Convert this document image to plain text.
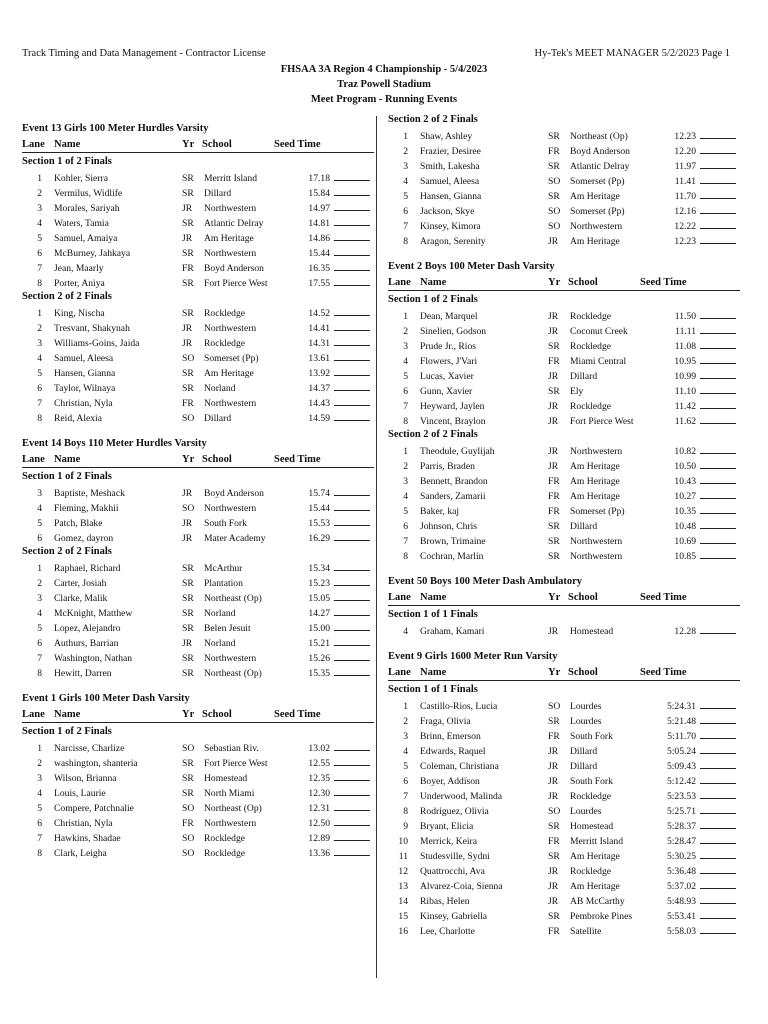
Track Timing and Data Management - Contractor License	Hy-Tek's MEET MANAGER 5/2/2023 Page 1
FHSAA 3A Region 4 Championship - 5/4/2023
Traz Powell Stadium
Meet Program - Running Events
Event 13 Girls 100 Meter Hurdles Varsity
Lane Name	Yr School	Seed Time
Section 1 of 2 Finals
1 Kohler, Sierra	SR Merritt Island	17.18
2 Vermilus, Widlife	SR Dillard	15.84
3 Morales, Sariyah	JR Northwestern	14.97
4 Waters, Tamia	SR Atlantic Delray	14.81
5 Samuel, Amaiya	JR Am Heritage	14.86
6 McBurney, Jahkaya	SR Northwestern	15.44
7 Jean, Maarly	FR Boyd Anderson	16.35
8 Porter, Aniya	SR Fort Pierce West	17.55
Section 2 of 2 Finals
1 King, Nischa	SR Rockledge	14.52
2 Tresvant, Shakynah	JR Northwestern	14.41
3 Williams-Goins, Jaida	JR Rockledge	14.31
4 Samuel, Aleesa	SO Somerset (Pp)	13.61
5 Hansen, Gianna	SR Am Heritage	13.92
6 Taylor, Wilnaya	SR Norland	14.37
7 Christian, Nyla	FR Northwestern	14.43
8 Reid, Alexia	SO Dillard	14.59
Event 14 Boys 110 Meter Hurdles Varsity
Lane Name	Yr School	Seed Time
Section 1 of 2 Finals
3 Baptiste, Meshack	JR Boyd Anderson	15.74
4 Fleming, Makhii	SO Northwestern	15.44
5 Patch, Blake	JR South Fork	15.53
6 Gomez, dayron	JR Mater Academy	16.29
Section 2 of 2 Finals
1 Raphael, Richard	SR McArthur	15.34
2 Carter, Josiah	SR Plantation	15.23
3 Clarke, Malik	SR Northeast (Op)	15.05
4 McKnight, Matthew	SR Norland	14.27
5 Lopez, Alejandro	SR Belen Jesuit	15.00
6 Authurs, Barrian	JR Norland	15.21
7 Washington, Nathan	SR Northwestern	15.26
8 Hewitt, Darren	SR Northeast (Op)	15.35
Event 1 Girls 100 Meter Dash Varsity
Lane Name	Yr School	Seed Time
Section 1 of 2 Finals
1 Narcisse, Charlize	SO Sebastian Riv.	13.02
2 washington, shanteria	SR Fort Pierce West	12.55
3 Wilson, Brianna	SR Homestead	12.35
4 Louis, Laurie	SR North Miami	12.30
5 Compere, Patchnalie	SO Northeast (Op)	12.31
6 Christian, Nyla	FR Northwestern	12.50
7 Hawkins, Shadae	SO Rockledge	12.89
8 Clark, Leigha	SO Rockledge	13.36
Section 2 of 2 Finals
1 Shaw, Ashley	SR Northeast (Op)	12.23
2 Frazier, Desiree	FR Boyd Anderson	12.20
3 Smith, Lakesha	SR Atlantic Delray	11.97
4 Samuel, Aleesa	SO Somerset (Pp)	11.41
5 Hansen, Gianna	SR Am Heritage	11.70
6 Jackson, Skye	SO Somerset (Pp)	12.16
7 Kinsey, Kimora	SO Northwestern	12.22
8 Aragon, Serenity	JR Am Heritage	12.23
Event 2 Boys 100 Meter Dash Varsity
Lane Name	Yr School	Seed Time
Section 1 of 2 Finals
1 Dean, Marquel	JR Rockledge	11.50
2 Sinelien, Godson	JR Coconut Creek	11.11
3 Prude Jr., Rios	SR Rockledge	11.08
4 Flowers, J'Vari	FR Miami Central	10.95
5 Lucas, Xavier	JR Dillard	10.99
6 Gunn, Xavier	SR Ely	11.10
7 Heyward, Jaylen	JR Rockledge	11.42
8 Vincent, Braylon	JR Fort Pierce West	11.62
Section 2 of 2 Finals
1 Theodule, Guylijah	JR Northwestern	10.82
2 Parris, Braden	JR Am Heritage	10.50
3 Bennett, Brandon	FR Am Heritage	10.43
4 Sanders, Zamarii	FR Am Heritage	10.27
5 Baker, kaj	FR Somerset (Pp)	10.35
6 Johnson, Chris	SR Dillard	10.48
7 Brown, Trimaine	SR Northwestern	10.69
8 Cochran, Marlin	SR Northwestern	10.85
Event 50 Boys 100 Meter Dash Ambulatory
Lane Name	Yr School	Seed Time
Section 1 of 1 Finals
4 Graham, Kamari	JR Homestead	12.28
Event 9 Girls 1600 Meter Run Varsity
Lane Name	Yr School	Seed Time
Section 1 of 1 Finals
1 Castillo-Rios, Lucia	SO Lourdes	5:24.31
2 Fraga, Olivia	SR Lourdes	5:21.48
3 Brinn, Emerson	FR South Fork	5:11.70
4 Edwards, Raquel	JR Dillard	5:05.24
5 Coleman, Christiana	JR Dillard	5:09.43
6 Boyer, Addison	JR South Fork	5:12.42
7 Underwood, Malinda	JR Rockledge	5:23.53
8 Rodriguez, Olivia	SO Lourdes	5:25.71
9 Bryant, Elicia	SR Homestead	5:28.37
10 Merrick, Keira	FR Merritt Island	5:28.47
11 Studesville, Sydni	SR Am Heritage	5:30.25
12 Quattrocchi, Ava	JR Rockledge	5:36.48
13 Alvarez-Coia, Sienna	JR Am Heritage	5:37.02
14 Ribas, Helen	JR AB McCarthy	5:48.93
15 Kinsey, Gabriella	SR Pembroke Pines	5:53.41
16 Lee, Charlotte	FR Satellite	5:58.03
